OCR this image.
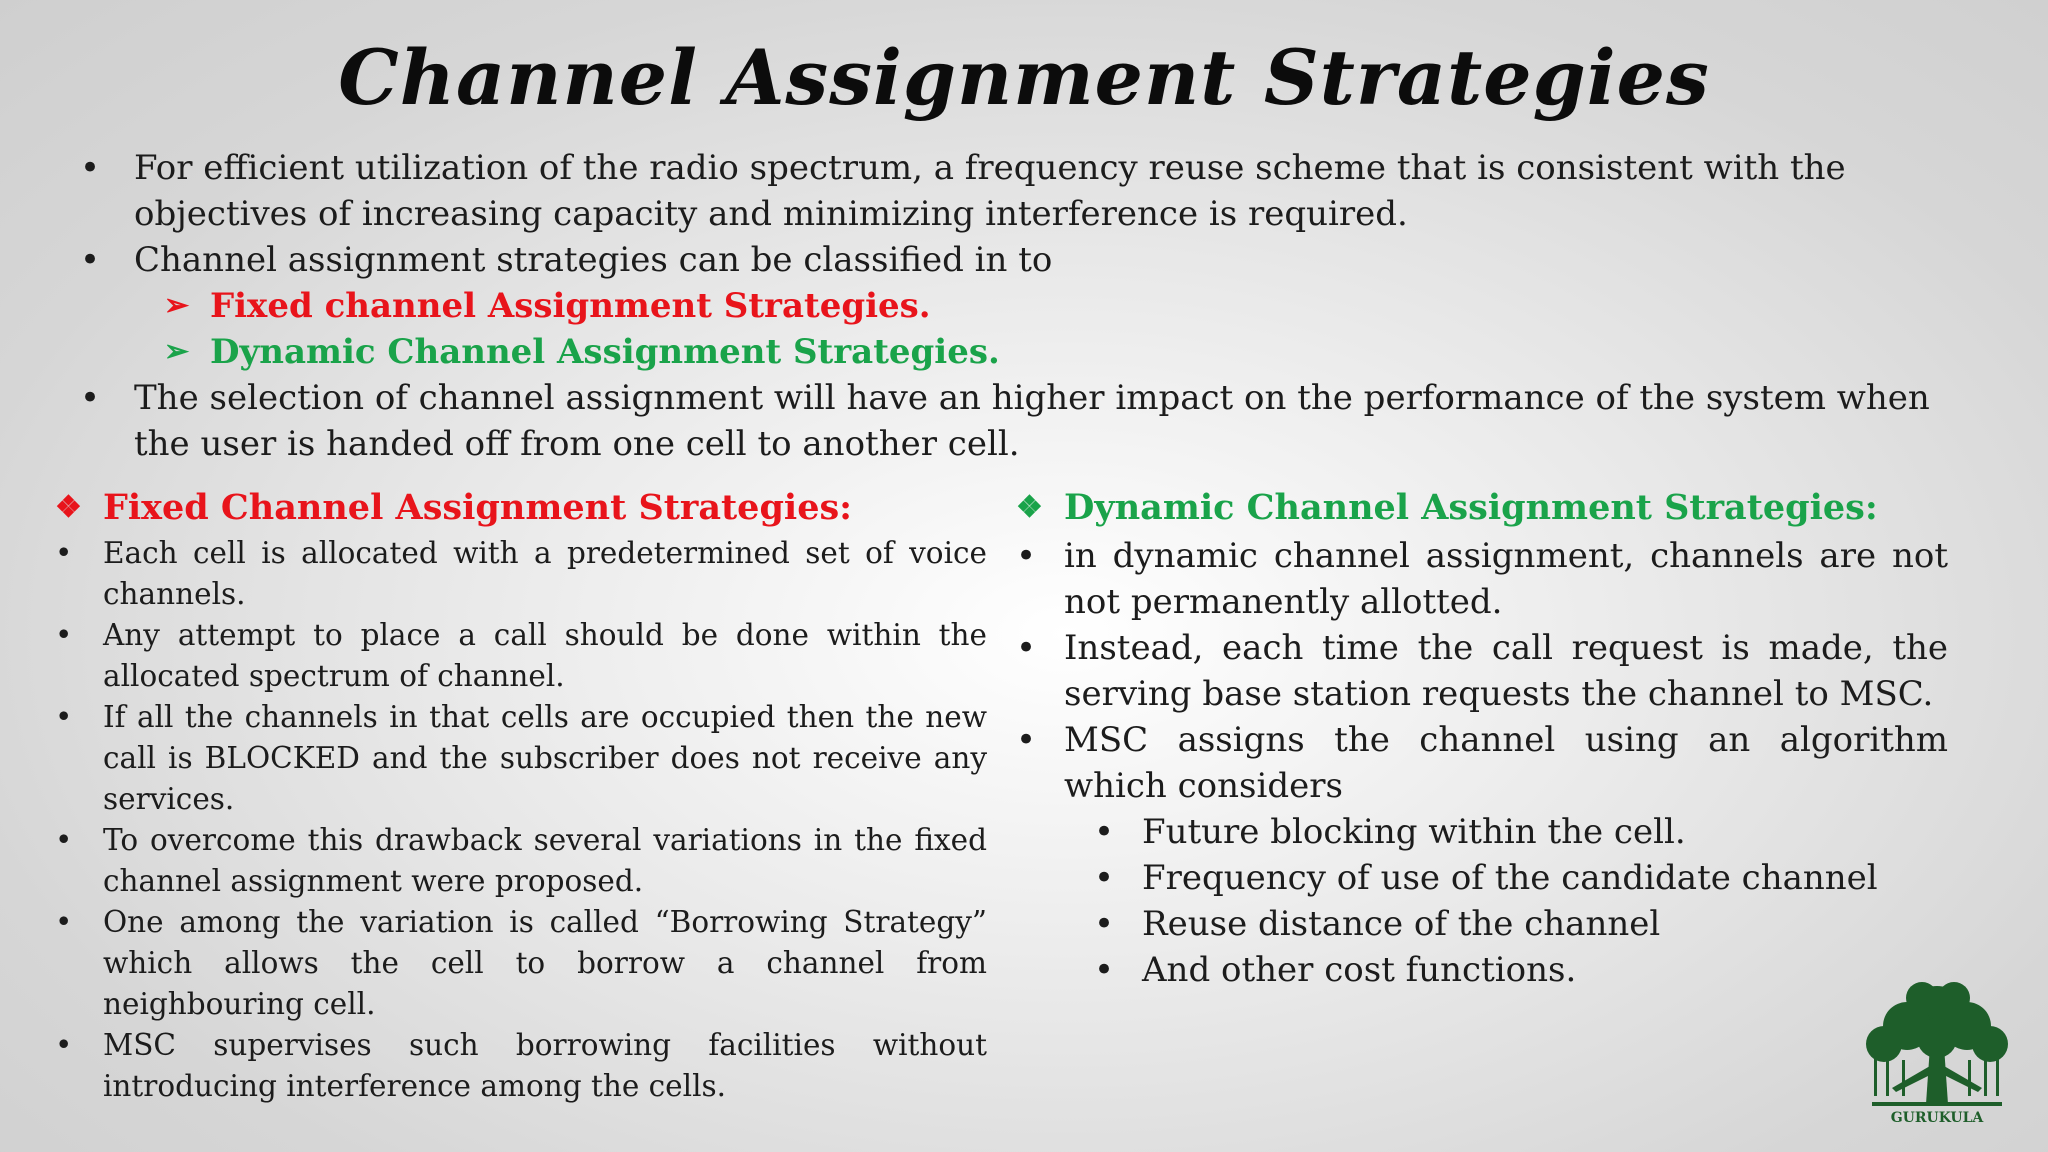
Channel Assignment Strategies
• For efficient utilization of the radio spectrum, a frequency reuse scheme that is consistent with the objectives of increasing capacity and minimizing interference is required.
• Channel assignment strategies can be classified in to
➢ Fixed channel Assignment Strategies.
➢ Dynamic Channel Assignment Strategies.
• The selection of channel assignment will have an higher impact on the performance of the system when the user is handed off from one cell to another cell.
❖ Fixed Channel Assignment Strategies:
• Each cell is allocated with a predetermined set of voice channels.
• Any attempt to place a call should be done within the allocated spectrum of channel.
• If all the channels in that cells are occupied then the new call is BLOCKED and the subscriber does not receive any services.
• To overcome this drawback several variations in the fixed channel assignment were proposed.
• One among the variation is called “Borrowing Strategy” which allows the cell to borrow a channel from neighbouring cell.
• MSC supervises such borrowing facilities without introducing interference among the cells.
❖ Dynamic Channel Assignment Strategies:
• in dynamic channel assignment, channels are not not permanently allotted.
• Instead, each time the call request is made, the serving base station requests the channel to MSC.
• MSC assigns the channel using an algorithm which considers
• Future blocking within the cell.
• Frequency of use of the candidate channel
• Reuse distance of the channel
• And other cost functions.
GURUKULA
